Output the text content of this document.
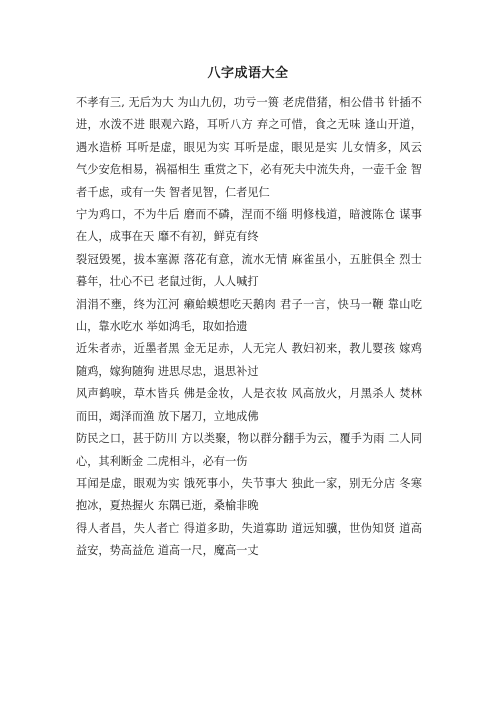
八字成语大全

不孝有三, 无后为大 为山九仞，功亏一篑 老虎借猪，相公借书 针插不进，水泼不进 眼观六路，耳听八方 弃之可惜，食之无味 逢山开道，遇水造桥 耳听是虚，眼见为实 耳听是虚，眼见是实 儿女情多，风云气少安危相易，祸福相生 重赏之下，必有死夫中流失舟，一壶千金 智者千虑，或有一失 智者见智，仁者见仁

宁为鸡口，不为牛后 磨而不磷，涅而不缁 明修栈道，暗渡陈仓 谋事在人，成事在天 靡不有初，鲜克有终

裂冠毁冕，拔本塞源 落花有意，流水无情 麻雀虽小，五脏俱全 烈士暮年，壮心不已 老鼠过街，人人喊打

涓涓不壅，终为江河 癞蛤蟆想吃天鹅肉 君子一言，快马一鞭 靠山吃山，靠水吃水 举如鸿毛，取如拾遗

近朱者赤，近墨者黑 金无足赤，人无完人 教妇初来，教儿婴孩 嫁鸡随鸡，嫁狗随狗 进思尽忠，退思补过

风声鹤唳，草木皆兵 佛是金妆，人是衣妆 风高放火，月黑杀人 焚林而田，竭泽而渔 放下屠刀，立地成佛

防民之口，甚于防川 方以类聚，物以群分翻手为云，覆手为雨 二人同心，其利断金 二虎相斗，必有一伤

耳闻是虚，眼观为实 饿死事小，失节事大 独此一家，别无分店 冬寒抱冰，夏热握火 东隅已逝，桑榆非晚

得人者昌，失人者亡 得道多助，失道寡助 道远知骥，世伪知贤 道高益安，势高益危 道高一尺，魔高一丈
